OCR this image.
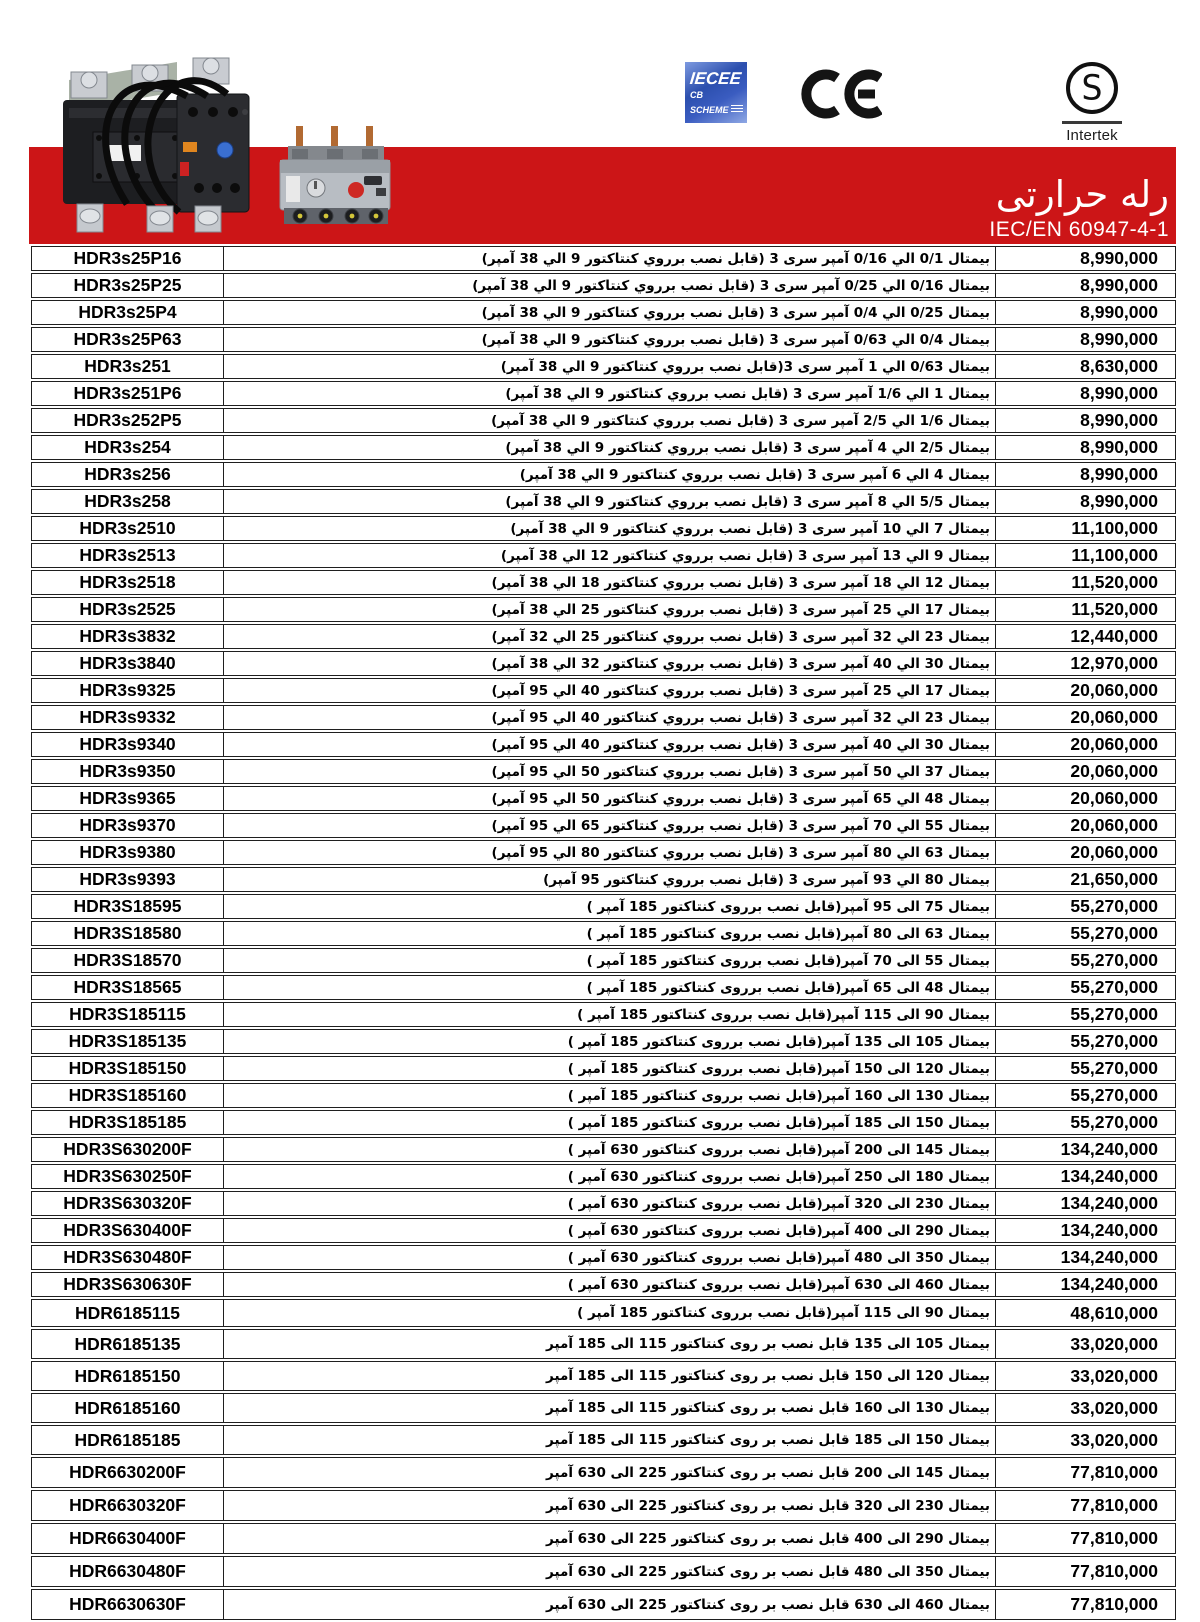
رله حرارتى
IEC/EN 60947-4-1
IECEE
CB
SCHEME
S
Intertek
HDR3s25P16	بيمتال 0/1 الي 0/16 آمپر سرى 3 (قابل نصب برروي كنتاكتور 9 الي 38 آمپر)	8,990,000
HDR3s25P25	بيمتال 0/16 الي 0/25 آمپر سرى 3 (قابل نصب برروي كنتاكتور 9 الي 38 آمپر)	8,990,000
HDR3s25P4	بيمتال 0/25 الي 0/4 آمپر سرى 3 (قابل نصب برروي كنتاكتور 9 الي 38 آمپر)	8,990,000
HDR3s25P63	بيمتال 0/4 الي 0/63 آمپر سرى 3 (قابل نصب برروي كنتاكتور 9 الي 38 آمپر)	8,990,000
HDR3s251	بيمتال 0/63 الي 1 آمپر سرى 3(قابل نصب برروي كنتاكتور 9 الي 38 آمپر)	8,630,000
HDR3s251P6	بيمتال 1 الي 1/6 آمپر سرى 3 (قابل نصب برروي كنتاكتور 9 الي 38 آمپر)	8,990,000
HDR3s252P5	بيمتال 1/6 الي 2/5 آمپر سرى 3 (قابل نصب برروي كنتاكتور 9 الي 38 آمپر)	8,990,000
HDR3s254	بيمتال 2/5 الي 4 آمپر سرى 3 (قابل نصب برروي كنتاكتور 9 الي 38 آمپر)	8,990,000
HDR3s256	بيمتال 4 الي 6 آمپر سرى 3 (قابل نصب برروي كنتاكتور 9 الي 38 آمپر)	8,990,000
HDR3s258	بيمتال 5/5 الي 8 آمپر سرى 3 (قابل نصب برروي كنتاكتور 9 الي 38 آمپر)	8,990,000
HDR3s2510	بيمتال 7 الي 10 آمپر سرى 3 (قابل نصب برروي كنتاكتور 9 الي 38 آمپر)	11,100,000
HDR3s2513	بيمتال 9 الي 13 آمپر سرى 3 (قابل نصب برروي كنتاكتور 12 الي 38 آمپر)	11,100,000
HDR3s2518	بيمتال 12 الي 18 آمپر سرى 3 (قابل نصب برروي كنتاكتور 18 الي 38 آمپر)	11,520,000
HDR3s2525	بيمتال 17 الي 25 آمپر سرى 3 (قابل نصب برروي كنتاكتور 25 الي 38 آمپر)	11,520,000
HDR3s3832	بيمتال 23 الي 32 آمپر سرى 3 (قابل نصب برروي كنتاكتور 25 الي 32 آمپر)	12,440,000
HDR3s3840	بيمتال 30 الي 40 آمپر سرى 3 (قابل نصب برروي كنتاكتور 32 الي 38 آمپر)	12,970,000
HDR3s9325	بيمتال 17 الي 25 آمپر سرى 3 (قابل نصب برروي كنتاكتور 40 الي 95 آمپر)	20,060,000
HDR3s9332	بيمتال 23 الي 32 آمپر سرى 3 (قابل نصب برروي كنتاكتور 40 الي 95 آمپر)	20,060,000
HDR3s9340	بيمتال 30 الي 40 آمپر سرى 3 (قابل نصب برروي كنتاكتور 40 الي 95 آمپر)	20,060,000
HDR3s9350	بيمتال 37 الي 50 آمپر سرى 3 (قابل نصب برروي كنتاكتور 50 الي 95 آمپر)	20,060,000
HDR3s9365	بيمتال 48 الي 65 آمپر سرى 3 (قابل نصب برروي كنتاكتور 50 الي 95 آمپر)	20,060,000
HDR3s9370	بيمتال 55 الي 70 آمپر سرى 3 (قابل نصب برروي كنتاكتور 65 الي 95 آمپر)	20,060,000
HDR3s9380	بيمتال 63 الي 80 آمپر سرى 3 (قابل نصب برروي كنتاكتور 80 الي 95 آمپر)	20,060,000
HDR3s9393	بيمتال 80 الي 93 آمپر سرى 3 (قابل نصب برروي كنتاكتور 95 آمپر)	21,650,000
HDR3S18595	بيمتال 75 الى 95 آمپر(قابل نصب برروى كنتاكتور 185 آمپر )	55,270,000
HDR3S18580	بيمتال 63 الى 80 آمپر(قابل نصب برروى كنتاكتور 185 آمپر )	55,270,000
HDR3S18570	بيمتال 55 الى 70 آمپر(قابل نصب برروى كنتاكتور 185 آمپر )	55,270,000
HDR3S18565	بيمتال 48 الى 65 آمپر(قابل نصب برروى كنتاكتور 185 آمپر )	55,270,000
HDR3S185115	بيمتال 90 الى 115 آمپر(قابل نصب برروى كنتاكتور 185 آمپر )	55,270,000
HDR3S185135	بيمتال 105 الى 135 آمپر(قابل نصب برروى كنتاكتور 185 آمپر )	55,270,000
HDR3S185150	بيمتال 120 الى 150 آمپر(قابل نصب برروى كنتاكتور 185 آمپر )	55,270,000
HDR3S185160	بيمتال 130 الى 160 آمپر(قابل نصب برروى كنتاكتور 185 آمپر )	55,270,000
HDR3S185185	بيمتال 150 الى 185 آمپر(قابل نصب برروى كنتاكتور 185 آمپر )	55,270,000
HDR3S630200F	بيمتال 145 الى 200 آمپر(قابل نصب برروى كنتاكتور 630 آمپر )	134,240,000
HDR3S630250F	بيمتال 180 الى 250 آمپر(قابل نصب برروى كنتاكتور 630 آمپر )	134,240,000
HDR3S630320F	بيمتال 230 الى 320 آمپر(قابل نصب برروى كنتاكتور 630 آمپر )	134,240,000
HDR3S630400F	بيمتال 290 الى 400 آمپر(قابل نصب برروى كنتاكتور 630 آمپر )	134,240,000
HDR3S630480F	بيمتال 350 الى 480 آمپر(قابل نصب برروى كنتاكتور 630 آمپر )	134,240,000
HDR3S630630F	بيمتال 460 الى 630 آمپر(قابل نصب برروى كنتاكتور 630 آمپر )	134,240,000
HDR6185115	بيمتال 90 الى 115 آمپر(قابل نصب برروى كنتاكتور 185 آمپر )	48,610,000
HDR6185135	بيمتال 105 الى 135 قابل نصب بر روى كنتاكتور 115 الى 185 آمپر	33,020,000
HDR6185150	بيمتال 120 الى 150 قابل نصب بر روى كنتاكتور 115 الى 185 آمپر	33,020,000
HDR6185160	بيمتال 130 الى 160 قابل نصب بر روى كنتاكتور 115 الى 185 آمپر	33,020,000
HDR6185185	بيمتال 150 الى 185 قابل نصب بر روى كنتاكتور 115 الى 185 آمپر	33,020,000
HDR6630200F	بيمتال 145 الى 200 قابل نصب بر روى كنتاكتور 225 الى 630 آمپر	77,810,000
HDR6630320F	بيمتال 230 الى 320 قابل نصب بر روى كنتاكتور 225 الى 630 آمپر	77,810,000
HDR6630400F	بيمتال 290 الى 400 قابل نصب بر روى كنتاكتور 225 الى 630 آمپر	77,810,000
HDR6630480F	بيمتال 350 الى 480 قابل نصب بر روى كنتاكتور 225 الى 630 آمپر	77,810,000
HDR6630630F	بيمتال 460 الى 630 قابل نصب بر روى كنتاكتور 225 الى 630 آمپر	77,810,000
